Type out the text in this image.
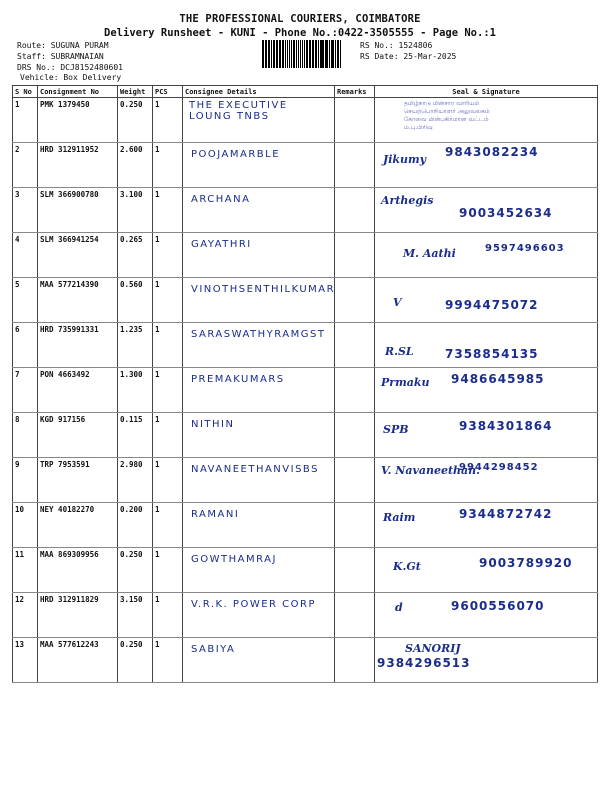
THE PROFESSIONAL COURIERS, COIMBATORE
Delivery Runsheet - KUNI - Phone No.:0422-3505555 - Page No.:1
Route: SUGUNA PURAM
Staff: SUBRAMNAIAN
DRS No.: DCJ8152480601
Vehicle: Box Delivery
RS No.: 1524806
RS Date: 25-Mar-2025
S No	Consignment No	Weight	PCS	Consignee Details	Remarks	Seal & Signature
1	PMK 1379450	0.250	1	THE EXECUTIVE LOUNG TNBS		

2	HRD 312911952	2.600	1	POOJAMARBLE		Jikumy
9843082234

3	SLM 366900780	3.100	1	ARCHANA		Arthegis
9003452634

4	SLM 366941254	0.265	1	GAYATHRI		M. Aathi 9597496603

5	MAA 577214390	0.560	1	VINOTHSENTHILKUMAR		V 9994475072

6	HRD 735991331	1.235	1	SARASWATHYRAMGST		R.SL 7358854135

7	PON 4663492	1.300	1	PREMAKUMARS		Prmaku 9486645985

8	KGD 917156	0.115	1	NITHIN		SPB 9384301864

9	TRP 7953591	2.980	1	NAVANEETHANVISBS		V. Navaneethan.
9944298452

10	NEY 40182270	0.200	1	RAMANI		Raim 9344872742

11	MAA 869309956	0.250	1	GOWTHAMRAJ		K.Gt 9003789920

12	HRD 312911829	3.150	1	V.R.K. POWER CORP		d 9600556070

13	MAA 577612243	0.250	1	SABIYA		SANORIJ
9384296513
தமிழ்நாடு மின்சார வாரியம்
செயற்பொறியாளர் அலுவலகம்
கோவை மின்பகிர்மான வட்டம்
ம.பு.பிரிவு
